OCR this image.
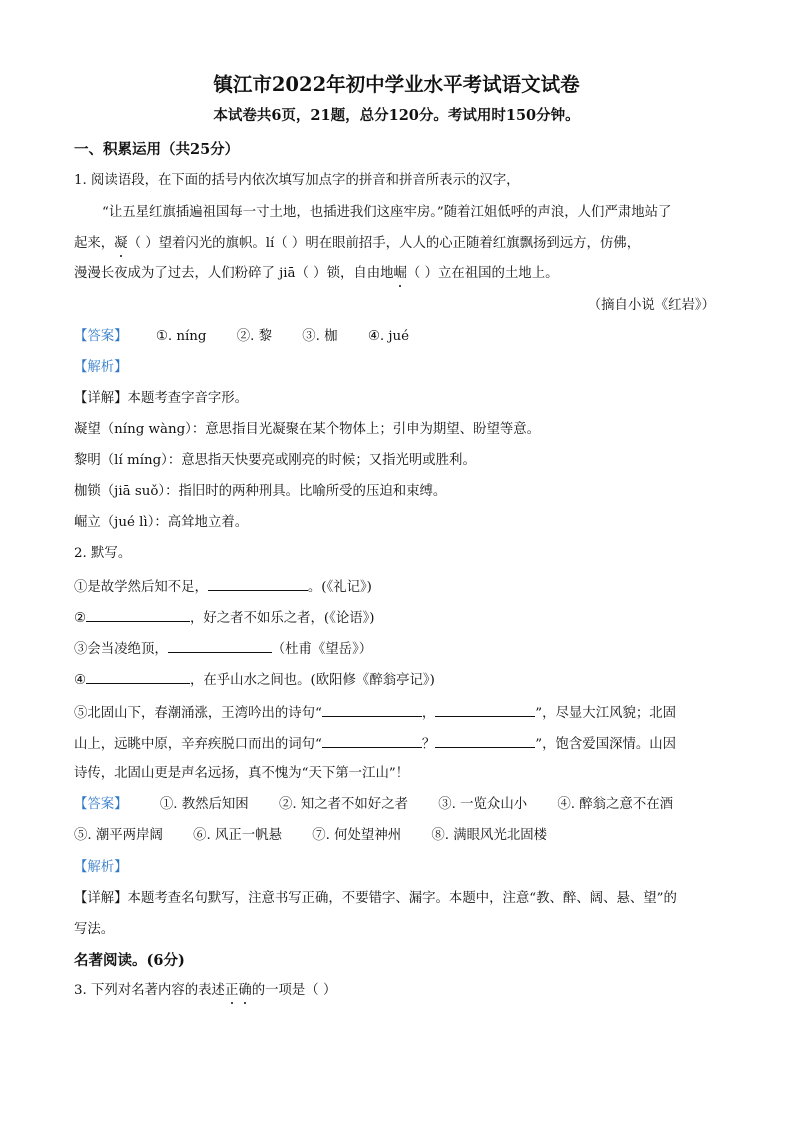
镇江市2022年初中学业水平考试语文试卷
本试卷共6页，21题，总分120分。考试用时150分钟。
一、积累运用（共25分）
1. 阅读语段，在下面的括号内依次填写加点字的拼音和拼音所表示的汉字，
“让五星红旗插遍祖国每一寸土地，也插进我们这座牢房。”随着江姐低呼的声浪，人们严肃地站了
起来，凝（ ）望着闪光的旗帜。lí（ ）明在眼前招手，人人的心正随着红旗飘扬到远方，仿佛，
漫漫长夜成为了过去，人们粉碎了 jiā（ ）锁，自由地崛（ ）立在祖国的土地上。
（摘自小说《红岩》）
【答案】 ①. níng ②. 黎 ③. 枷 ④. jué
【解析】
【详解】本题考查字音字形。
凝望（níng wàng）：意思指目光凝聚在某个物体上；引申为期望、盼望等意。
黎明（lí míng）：意思指天快要亮或刚亮的时候；又指光明或胜利。
枷锁（jiā suǒ）：指旧时的两种刑具。比喻所受的压迫和束缚。
崛立（jué lì）：高耸地立着。
2. 默写。
①是故学然后知不足，	。(《礼记》)
②	，好之者不如乐之者，(《论语》)
③会当凌绝顶，	（杜甫《望岳》）
④	，在乎山水之间也。(欧阳修《醉翁亭记》)
⑤北固山下，春潮涌涨，王湾吟出的诗句“	，	”，尽显大江风貌；北固
山上，远眺中原，辛弃疾脱口而出的词句“	？	”，饱含爱国深情。山因
诗传，北固山更是声名远扬，真不愧为“天下第一江山”！
【答案】 ①. 教然后知困 ②. 知之者不如好之者 ③. 一览众山小 ④. 醉翁之意不在酒
⑤. 潮平两岸阔 ⑥. 风正一帆悬 ⑦. 何处望神州 ⑧. 满眼风光北固楼
【解析】
【详解】本题考查名句默写，注意书写正确，不要错字、漏字。本题中，注意“教、醉、阔、悬、望”的
写法。
名著阅读。(6分)
3. 下列对名著内容的表述正确的一项是（ ）
